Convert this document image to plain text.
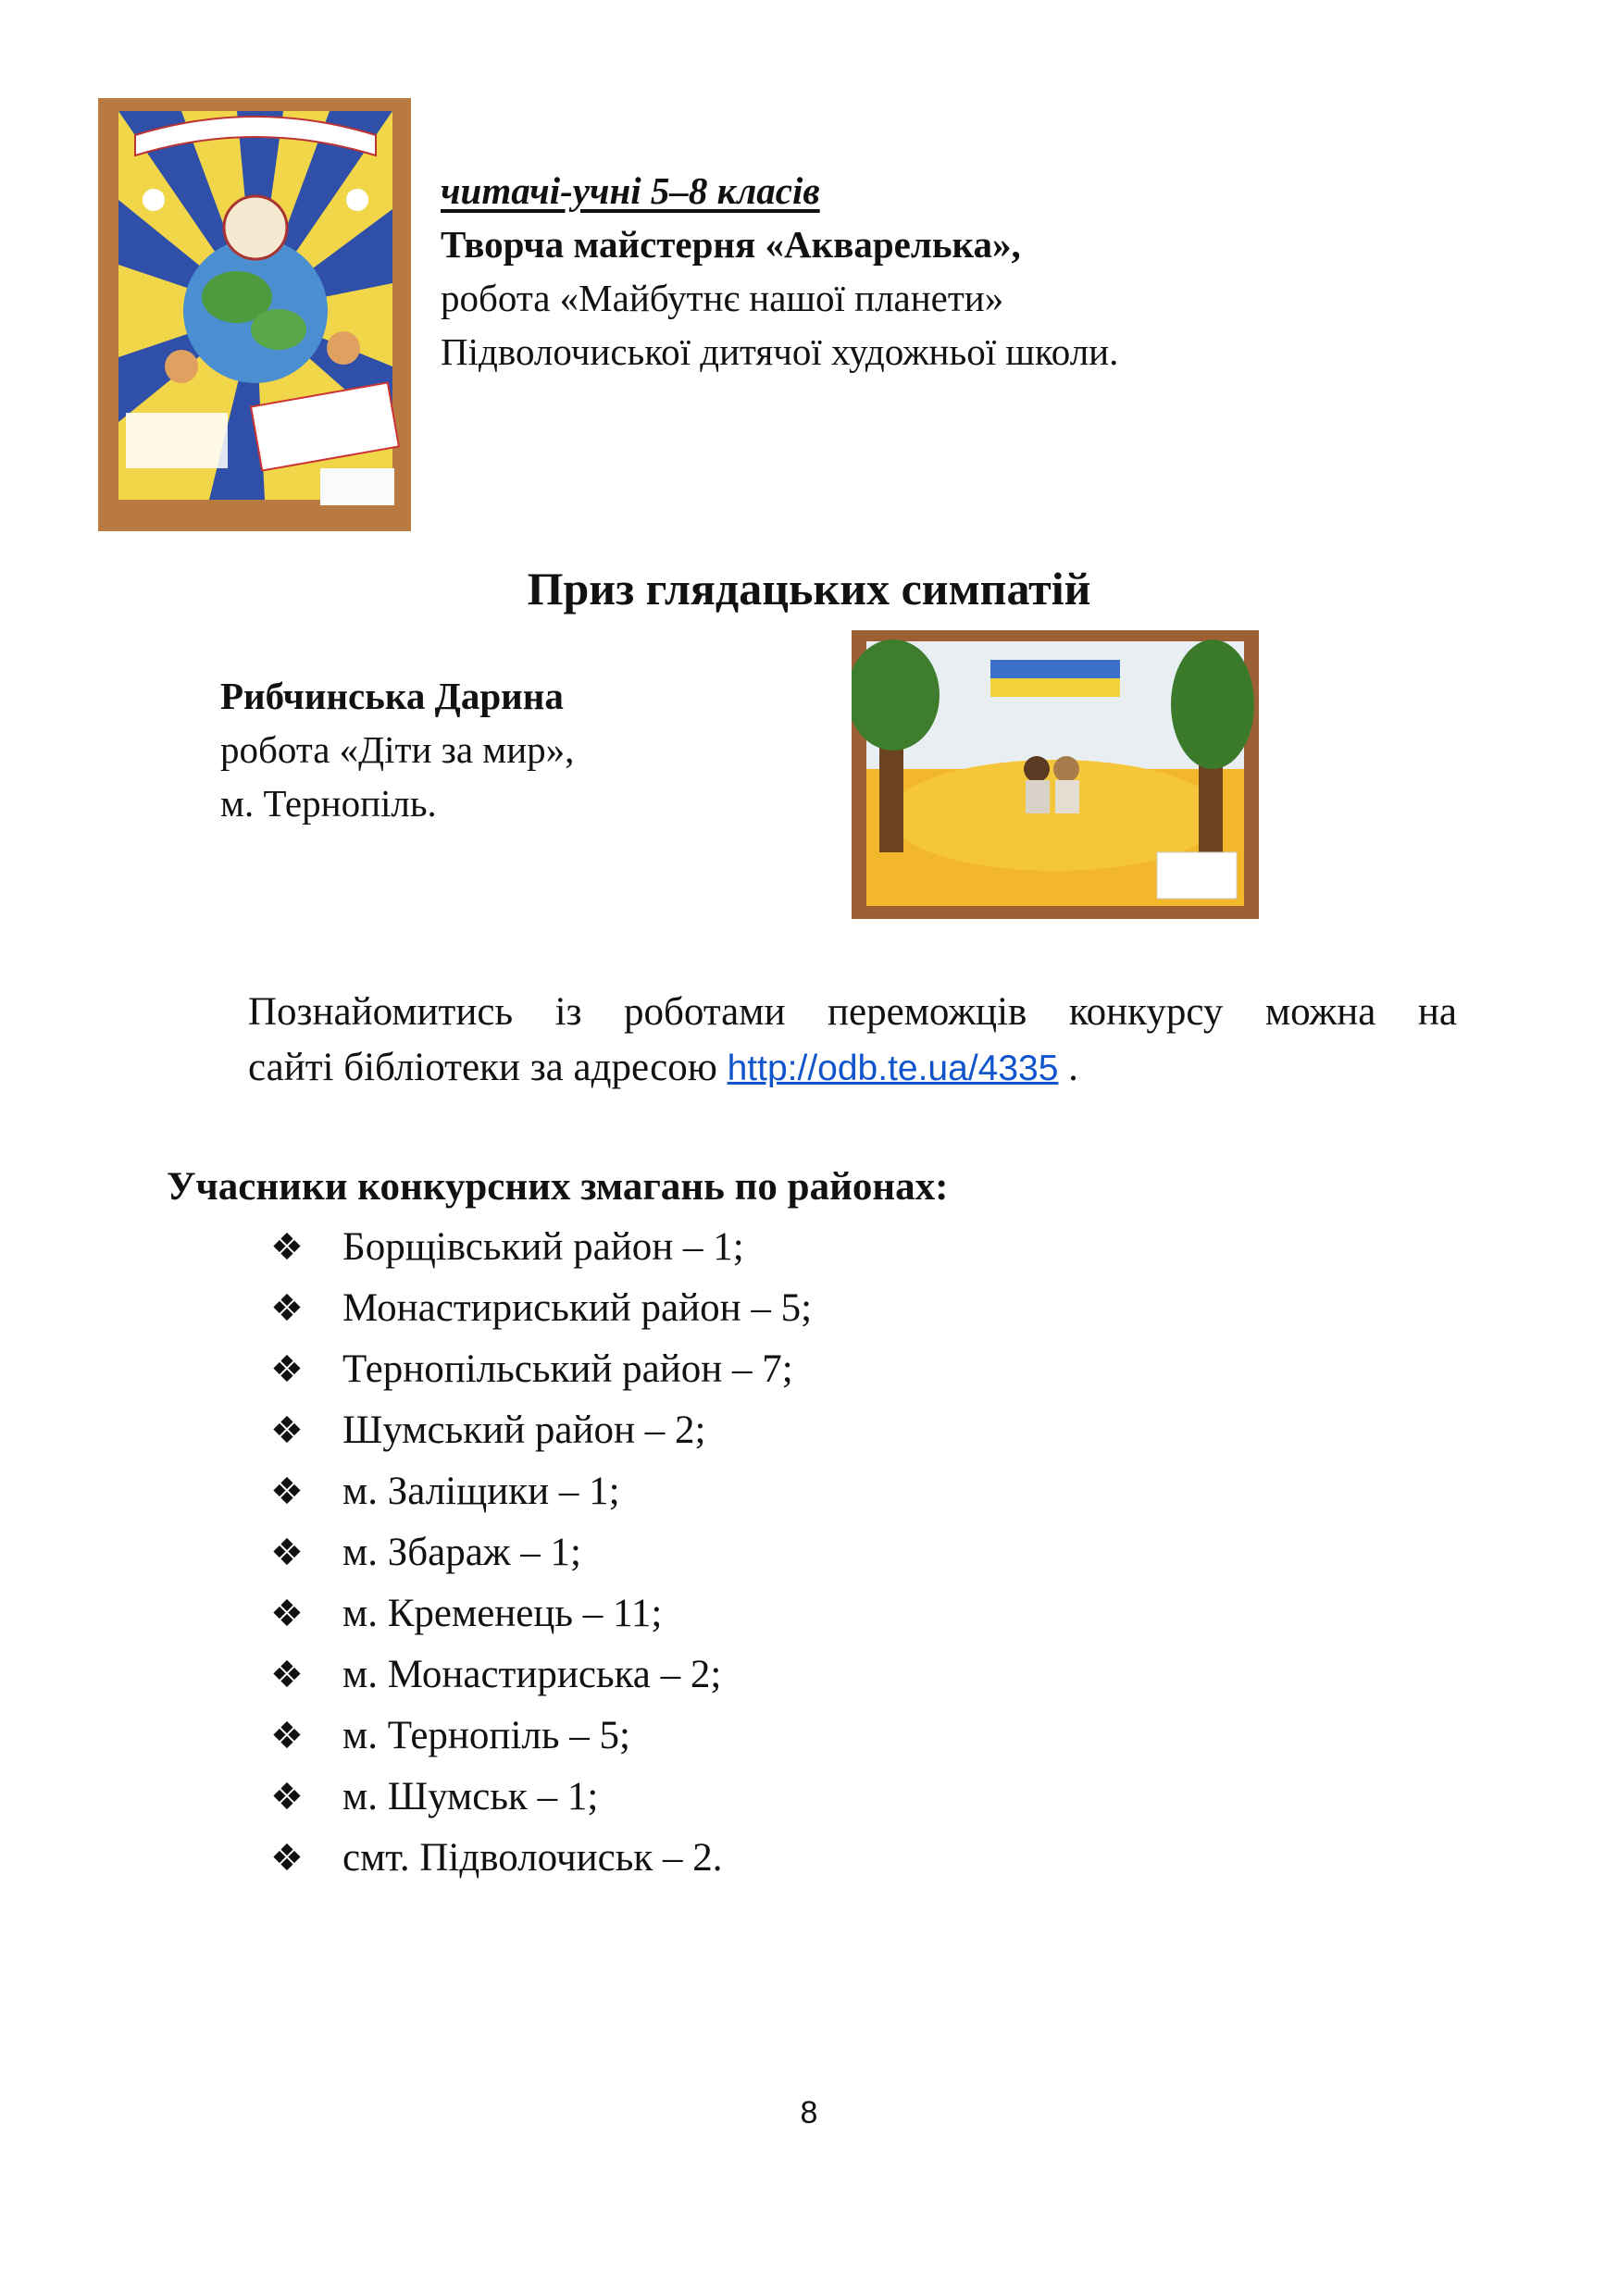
читачі-учні 5–8 класів
Творча майстерня «Акварелька»,
робота «Майбутнє нашої планети»
Підволочиської дитячої художньої школи.
Приз глядацьких симпатій
Рибчинська Дарина
робота «Діти за мир»,
м. Тернопіль.
Познайомитись із роботами переможців конкурсу можна на
сайті бібліотеки за адресою http://odb.te.ua/4335 .
Учасники конкурсних змагань по районах:
❖ Борщівський район – 1;
❖ Монастириський район – 5;
❖ Тернопільський район – 7;
❖ Шумський район – 2;
❖ м. Заліщики – 1;
❖ м. Збараж – 1;
❖ м. Кременець – 11;
❖ м. Монастириська – 2;
❖ м. Тернопіль – 5;
❖ м. Шумськ – 1;
❖ смт. Підволочиськ – 2.
8
